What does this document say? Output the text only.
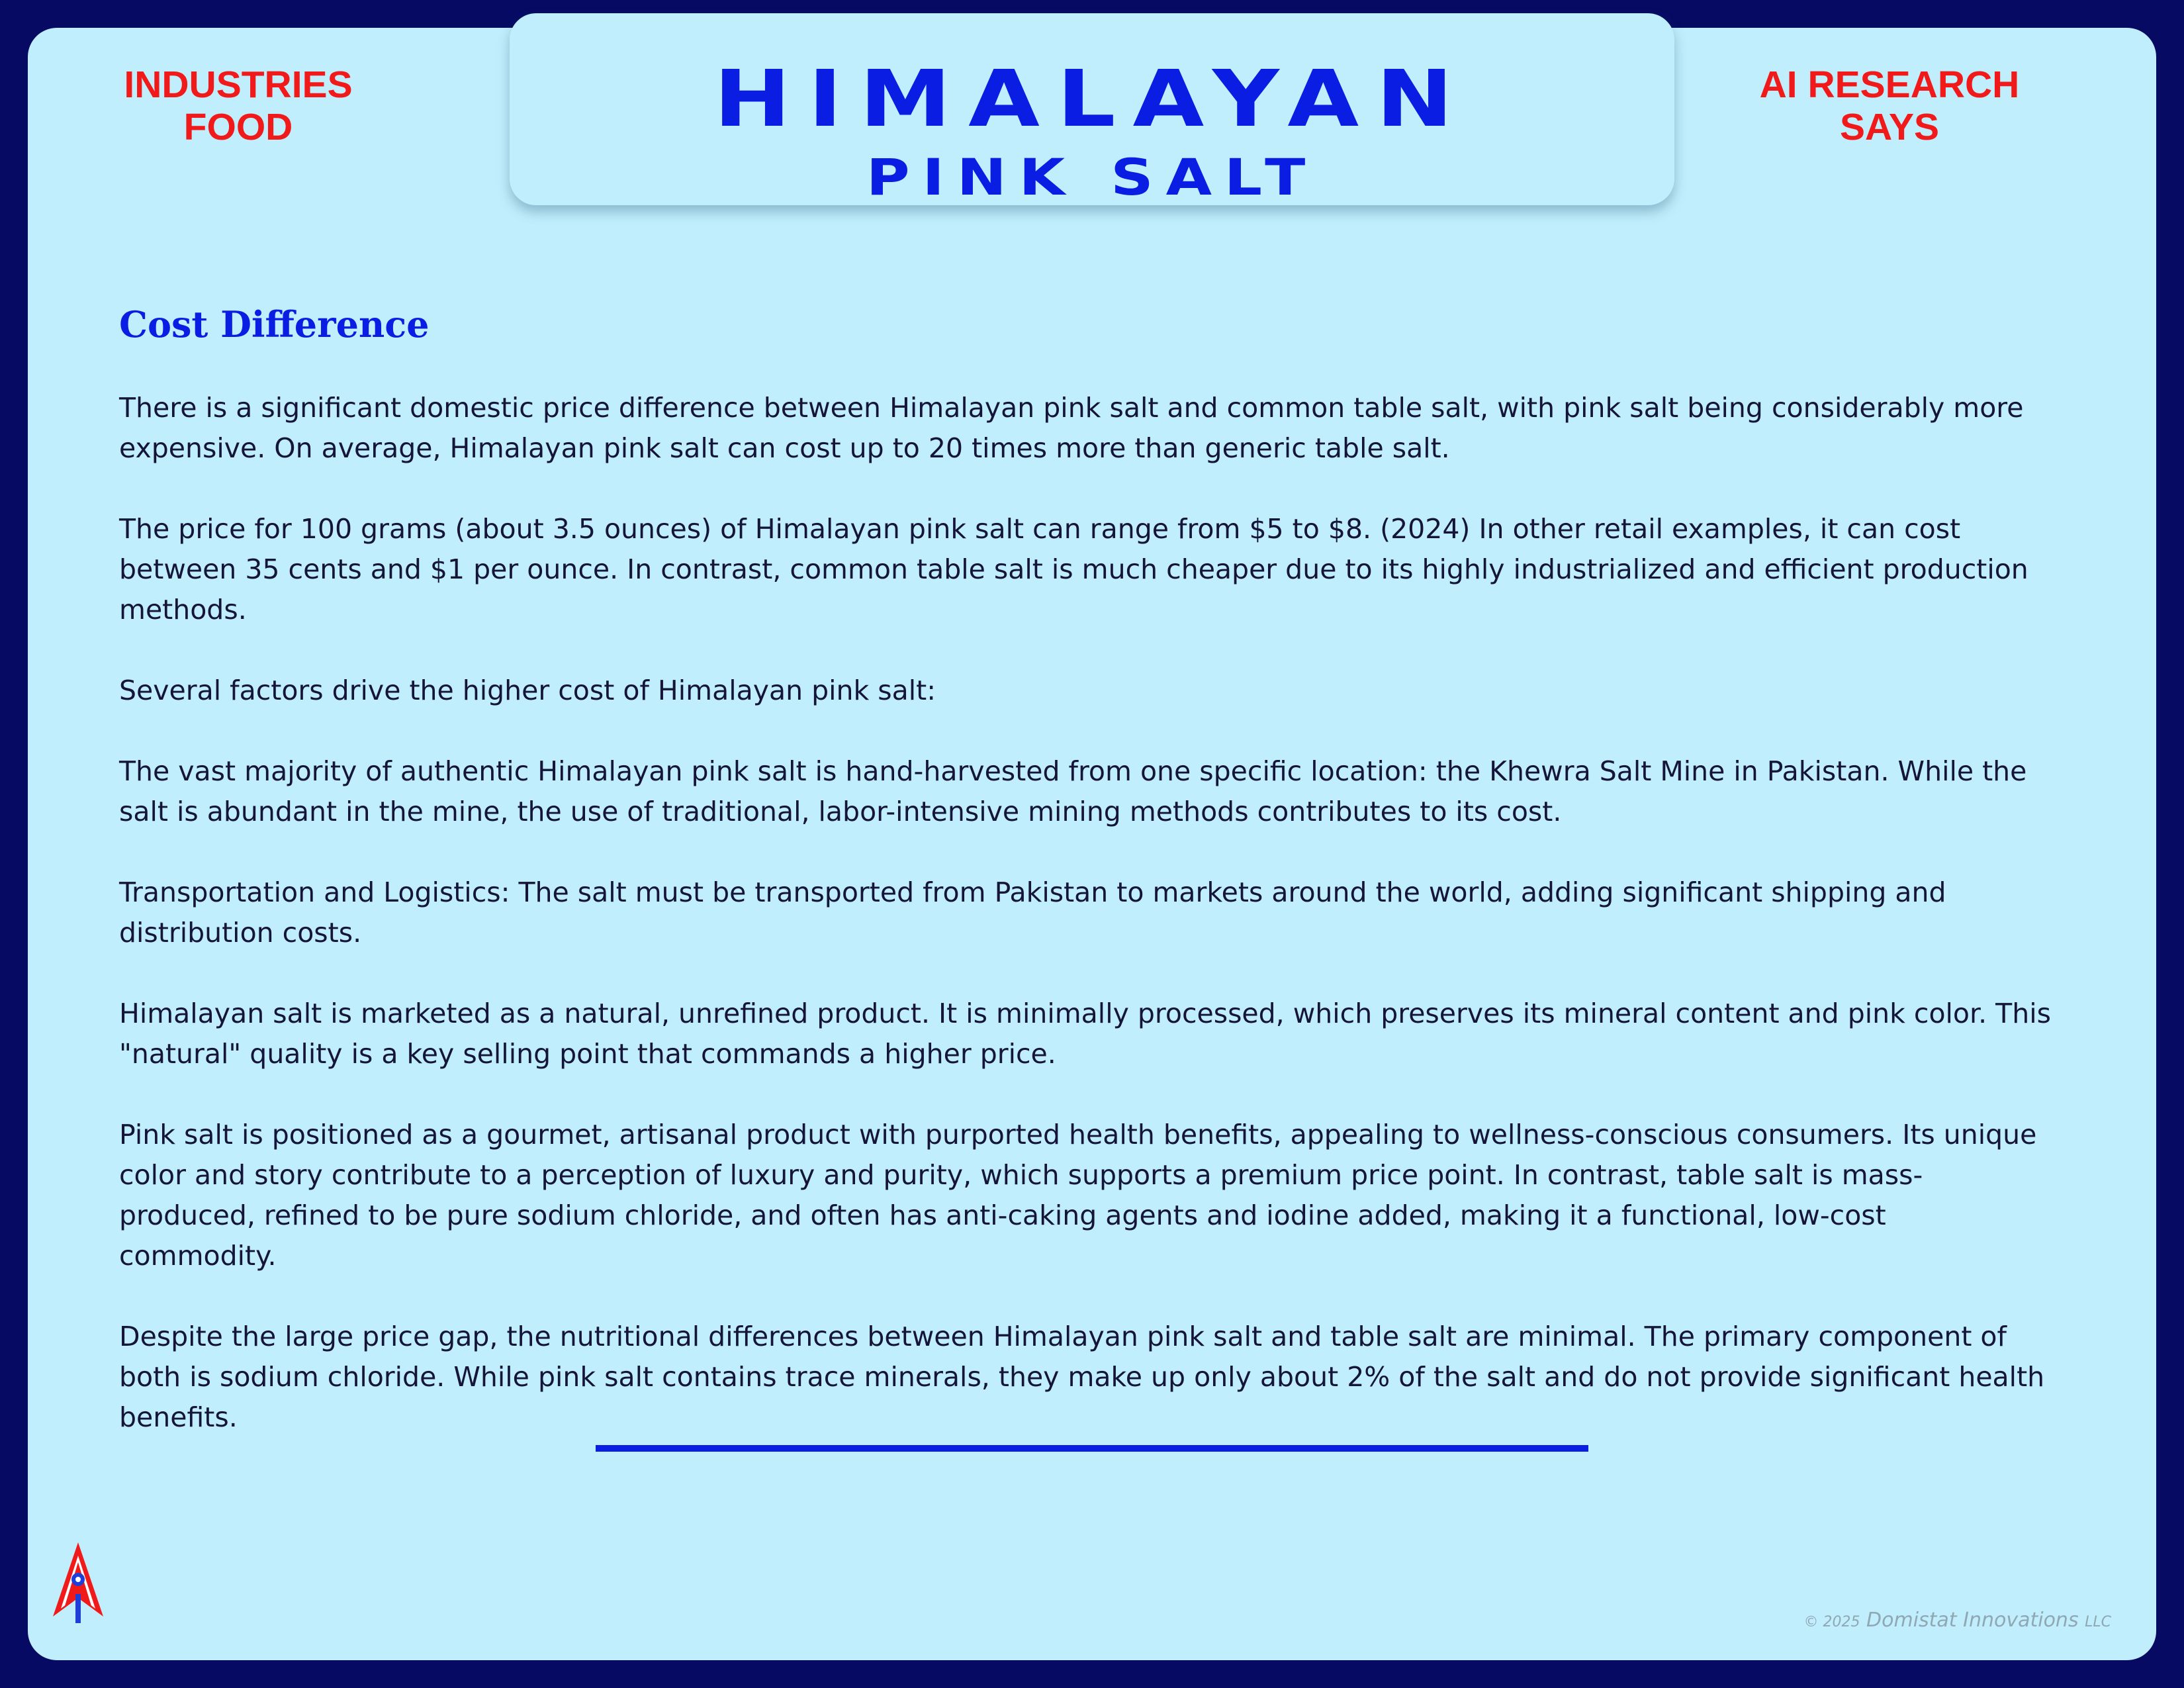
INDUSTRIES
FOOD
AI RESEARCH
SAYS
HIMALAYAN
PINK SALT
Cost Difference

There is a significant domestic price difference between Himalayan pink salt and common table salt, with pink salt being considerably more expensive. On average, Himalayan pink salt can cost up to 20 times more than generic table salt.

The price for 100 grams (about 3.5 ounces) of Himalayan pink salt can range from $5 to $8. (2024) In other retail examples, it can cost between 35 cents and $1 per ounce. In contrast, common table salt is much cheaper due to its highly industrialized and efficient production methods.

Several factors drive the higher cost of Himalayan pink salt:

The vast majority of authentic Himalayan pink salt is hand-harvested from one specific location: the Khewra Salt Mine in Pakistan. While the salt is abundant in the mine, the use of traditional, labor-intensive mining methods contributes to its cost.

Transportation and Logistics: The salt must be transported from Pakistan to markets around the world, adding significant shipping and distribution costs.

Himalayan salt is marketed as a natural, unrefined product. It is minimally processed, which preserves its mineral content and pink color. This "natural" quality is a key selling point that commands a higher price.

Pink salt is positioned as a gourmet, artisanal product with purported health benefits, appealing to wellness-conscious consumers. Its unique color and story contribute to a perception of luxury and purity, which supports a premium price point. In contrast, table salt is mass-produced, refined to be pure sodium chloride, and often has anti-caking agents and iodine added, making it a functional, low-cost commodity.

Despite the large price gap, the nutritional differences between Himalayan pink salt and table salt are minimal. The primary component of both is sodium chloride. While pink salt contains trace minerals, they make up only about 2% of the salt and do not provide significant health benefits.

© 2025 Domistat Innovations LLC
